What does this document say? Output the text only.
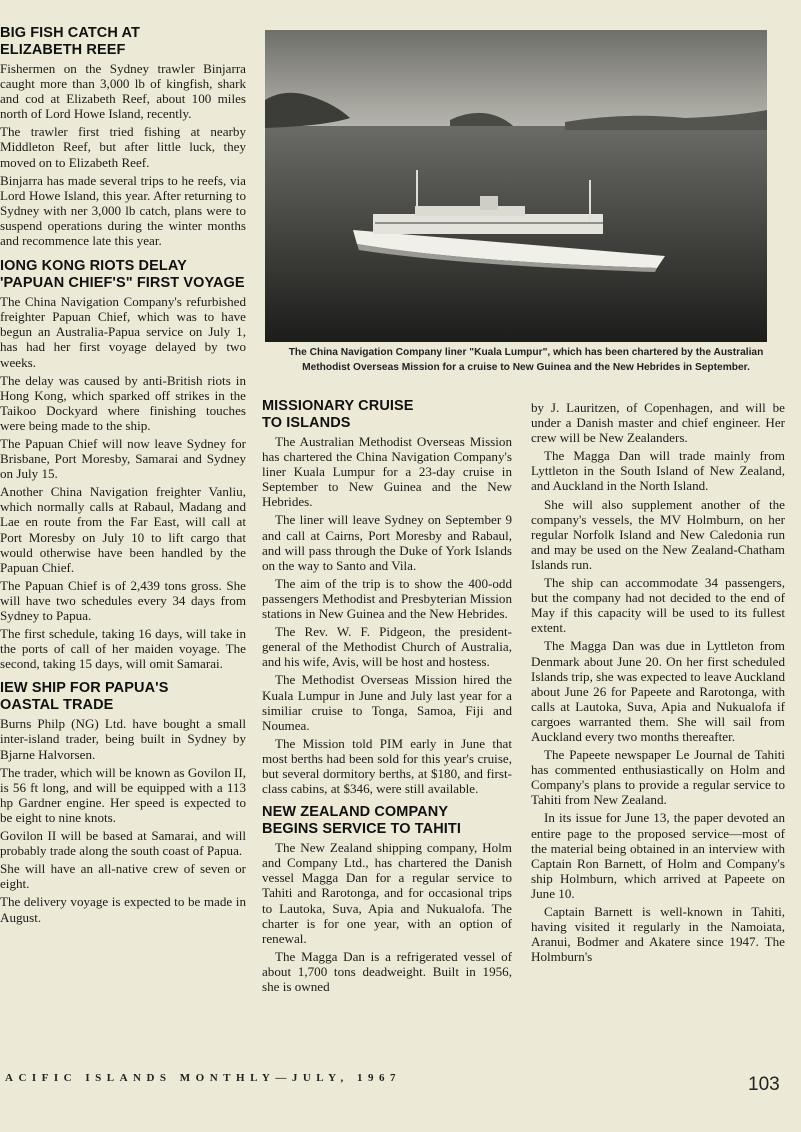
The China Navigation Company liner "Kuala Lumpur", which has been chartered by the Australian Methodist Overseas Mission for a cruise to New Guinea and the New Hebrides in September.
BIG FISH CATCH AT
ELIZABETH REEF

Fishermen on the Sydney trawler Binjarra caught more than 3,000 lb of kingfish, shark and cod at Elizabeth Reef, about 100 miles north of Lord Howe Island, recently.

The trawler first tried fishing at nearby Middleton Reef, but after little luck, they moved on to Elizabeth Reef.

Binjarra has made several trips to he reefs, via Lord Howe Island, this year. After returning to Sydney with ner 3,000 lb catch, plans were to suspend operations during the winter months and recommence late this year.

IONG KONG RIOTS DELAY
'PAPUAN CHIEF'S" FIRST VOYAGE

The China Navigation Company's refurbished freighter Papuan Chief, which was to have begun an Australia-Papua service on July 1, has had her first voyage delayed by two weeks.

The delay was caused by anti-British riots in Hong Kong, which sparked off strikes in the Taikoo Dockyard where finishing touches were being made to the ship.

The Papuan Chief will now leave Sydney for Brisbane, Port Moresby, Samarai and Sydney on July 15.

Another China Navigation freighter Vanliu, which normally calls at Rabaul, Madang and Lae en route from the Far East, will call at Port Moresby on July 10 to lift cargo that would otherwise have been handled by the Papuan Chief.

The Papuan Chief is of 2,439 tons gross. She will have two schedules every 34 days from Sydney to Papua.

The first schedule, taking 16 days, will take in the ports of call of her maiden voyage. The second, taking 15 days, will omit Samarai.

IEW SHIP FOR PAPUA'S
OASTAL TRADE

Burns Philp (NG) Ltd. have bought a small inter-island trader, being built in Sydney by Bjarne Halvorsen.

The trader, which will be known as Govilon II, is 56 ft long, and will be equipped with a 113 hp Gardner engine. Her speed is expected to be eight to nine knots.

Govilon II will be based at Samarai, and will probably trade along the south coast of Papua.

She will have an all-native crew of seven or eight.

The delivery voyage is expected to be made in August.

MISSIONARY CRUISE
TO ISLANDS

The Australian Methodist Overseas Mission has chartered the China Navigation Company's liner Kuala Lumpur for a 23-day cruise in September to New Guinea and the New Hebrides.

The liner will leave Sydney on September 9 and call at Cairns, Port Moresby and Rabaul, and will pass through the Duke of York Islands on the way to Santo and Vila.

The aim of the trip is to show the 400-odd passengers Methodist and Presbyterian Mission stations in New Guinea and the New Hebrides.

The Rev. W. F. Pidgeon, the president-general of the Methodist Church of Australia, and his wife, Avis, will be host and hostess.

The Methodist Overseas Mission hired the Kuala Lumpur in June and July last year for a similiar cruise to Tonga, Samoa, Fiji and Noumea.

The Mission told PIM early in June that most berths had been sold for this year's cruise, but several dormitory berths, at $180, and first-class cabins, at $346, were still available.

NEW ZEALAND COMPANY
BEGINS SERVICE TO TAHITI

The New Zealand shipping company, Holm and Company Ltd., has chartered the Danish vessel Magga Dan for a regular service to Tahiti and Rarotonga, and for occasional trips to Lautoka, Suva, Apia and Nukualofa. The charter is for one year, with an option of renewal.

The Magga Dan is a refrigerated vessel of about 1,700 tons deadweight. Built in 1956, she is owned

by J. Lauritzen, of Copenhagen, and will be under a Danish master and chief engineer. Her crew will be New Zealanders.

The Magga Dan will trade mainly from Lyttleton in the South Island of New Zealand, and Auckland in the North Island.

She will also supplement another of the company's vessels, the MV Holmburn, on her regular Norfolk Island and New Caledonia run and may be used on the New Zealand-Chatham Islands run.

The ship can accommodate 34 passengers, but the company had not decided to the end of May if this capacity will be used to its fullest extent.

The Magga Dan was due in Lyttleton from Denmark about June 20. On her first scheduled Islands trip, she was expected to leave Auckland about June 26 for Papeete and Rarotonga, with calls at Lautoka, Suva, Apia and Nukualofa if cargoes warranted them. She will sail from Auckland every two months thereafter.

The Papeete newspaper Le Journal de Tahiti has commented enthusiastically on Holm and Company's plans to provide a regular service to Tahiti from New Zealand.

In its issue for June 13, the paper devoted an entire page to the proposed service—most of the material being obtained in an interview with Captain Ron Barnett, of Holm and Company's ship Holmburn, which arrived at Papeete on June 10.

Captain Barnett is well-known in Tahiti, having visited it regularly in the Namoiata, Aranui, Bodmer and Akatere since 1947. The Holmburn's

ACIFIC ISLANDS MONTHLY—JULY, 1967	103
